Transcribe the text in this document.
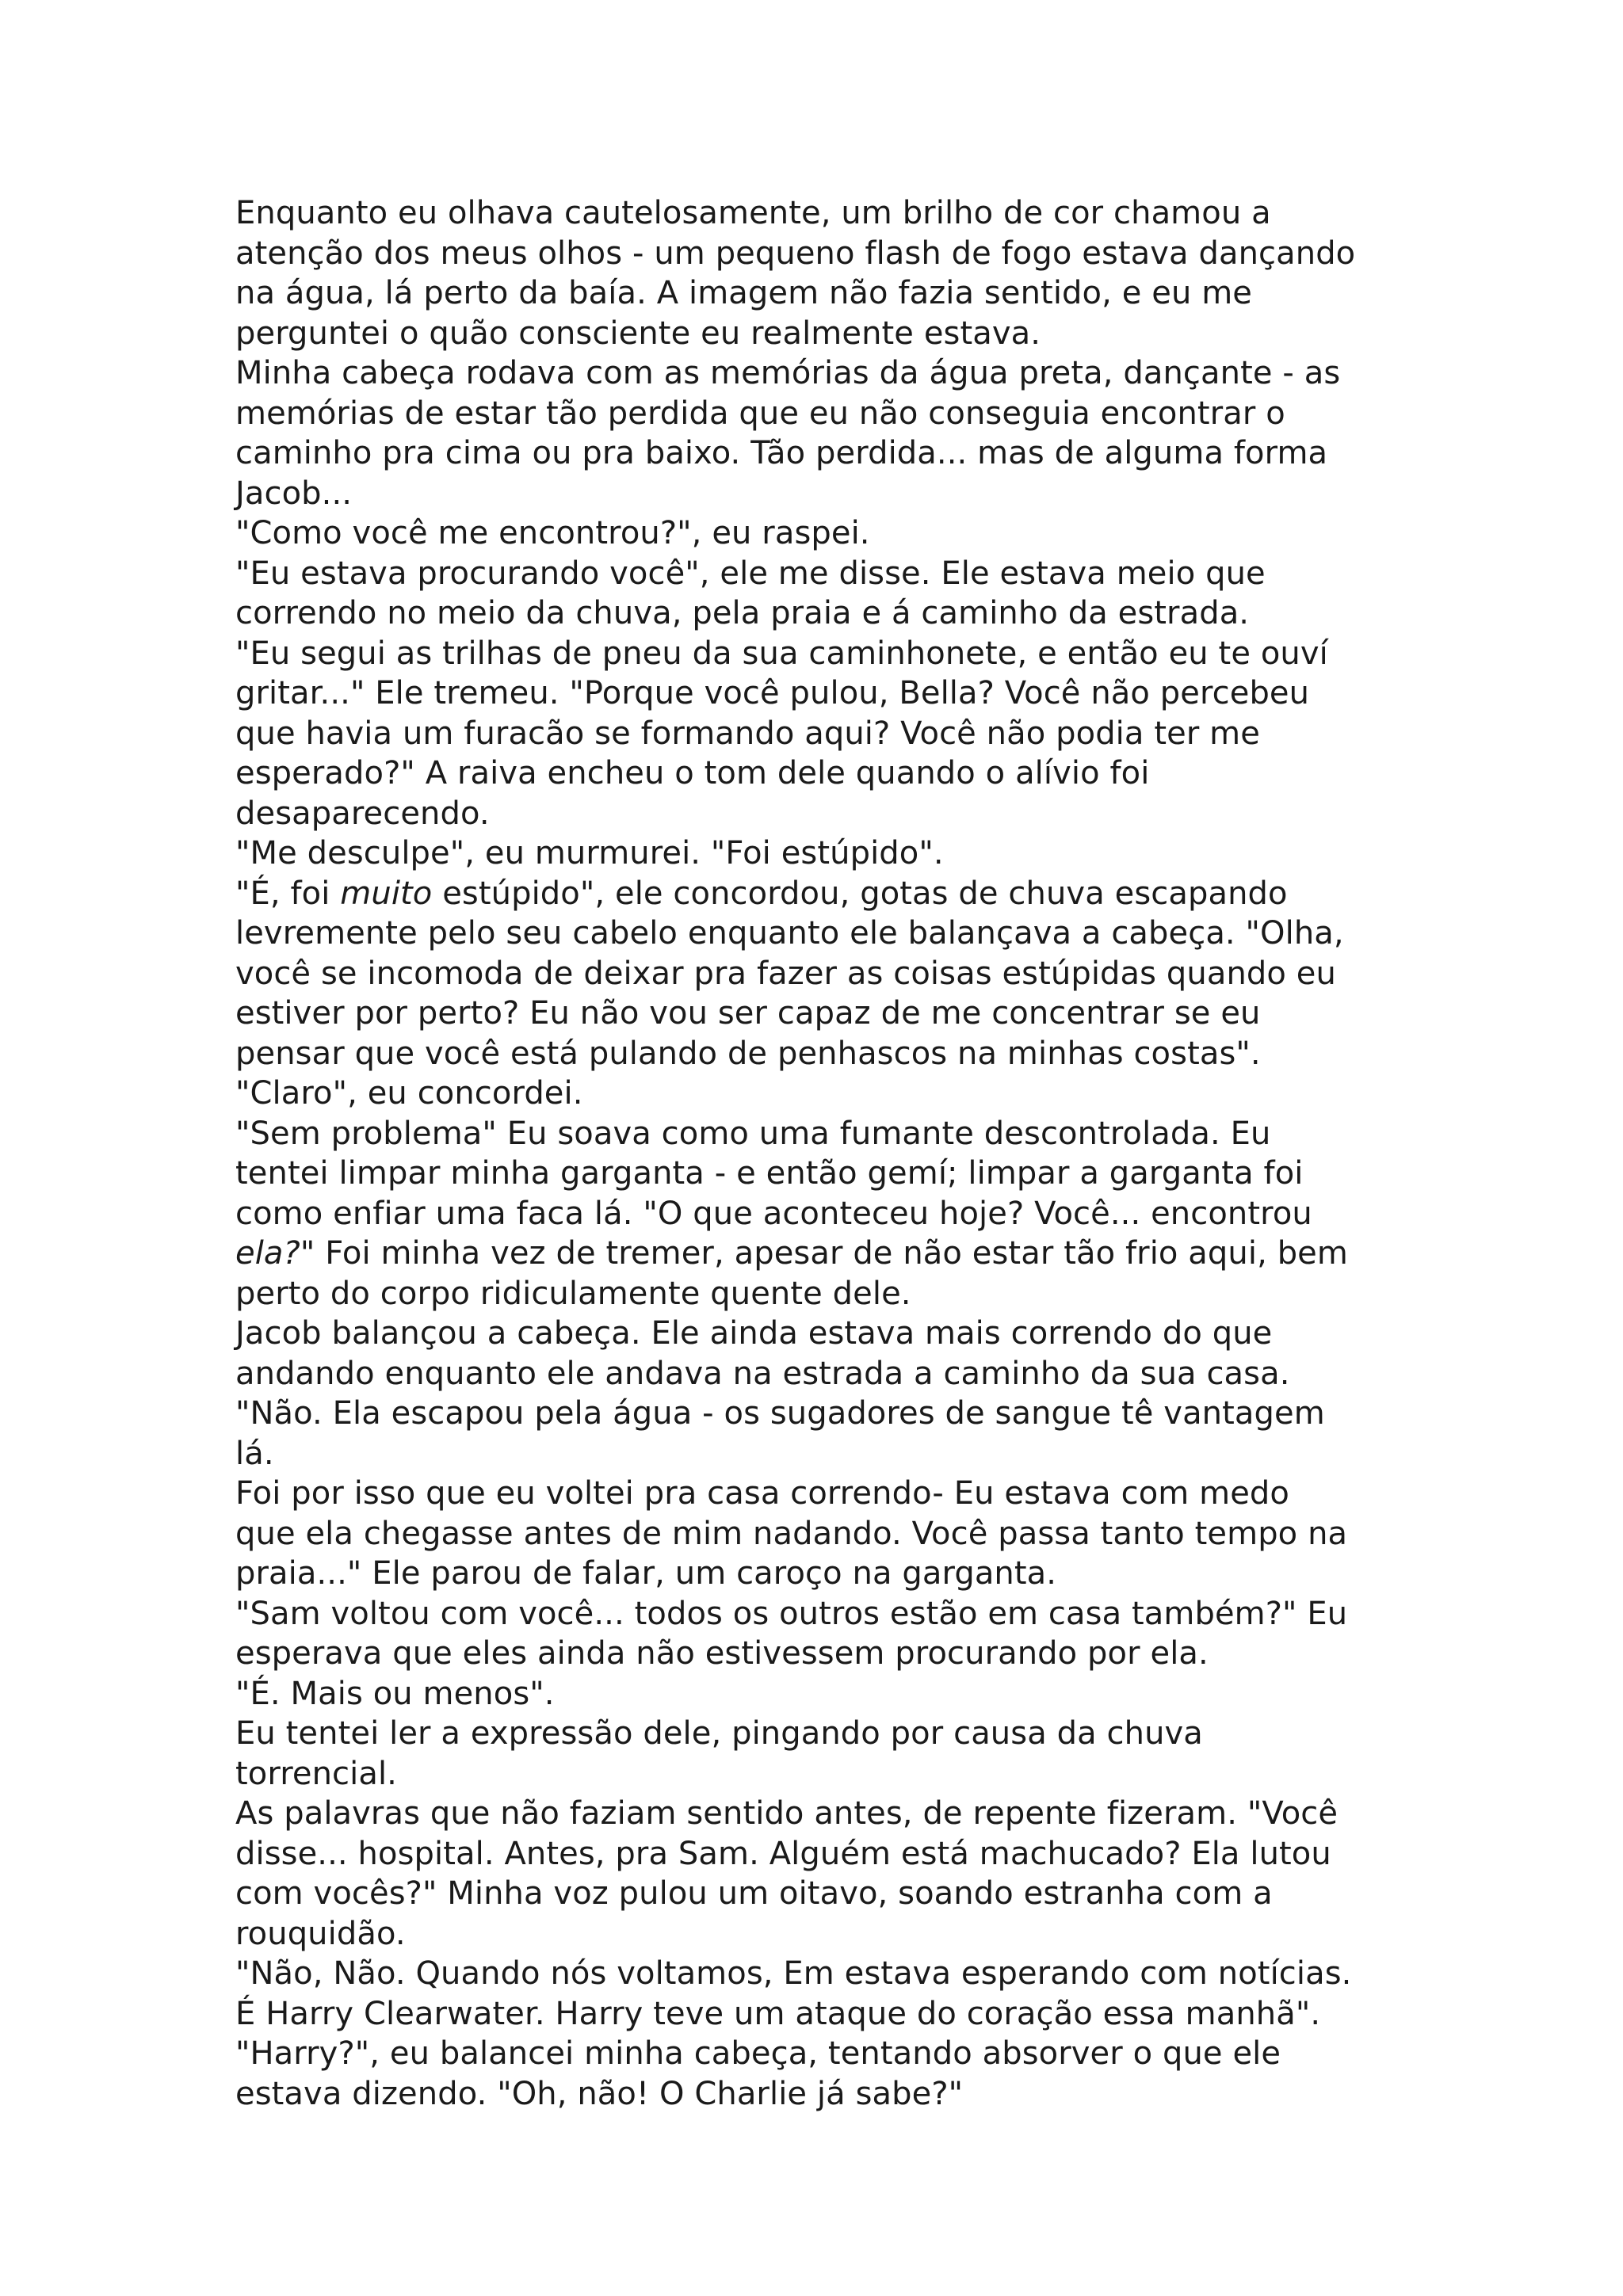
Enquanto eu olhava cautelosamente, um brilho de cor chamou a
atenção dos meus olhos - um pequeno flash de fogo estava dançando
na água, lá perto da baía. A imagem não fazia sentido, e eu me
perguntei o quão consciente eu realmente estava.
Minha cabeça rodava com as memórias da água preta, dançante - as
memórias de estar tão perdida que eu não conseguia encontrar o
caminho pra cima ou pra baixo. Tão perdida... mas de alguma forma
Jacob...
"Como você me encontrou?", eu raspei.
"Eu estava procurando você", ele me disse. Ele estava meio que
correndo no meio da chuva, pela praia e á caminho da estrada.
"Eu segui as trilhas de pneu da sua caminhonete, e então eu te ouví
gritar..." Ele tremeu. "Porque você pulou, Bella? Você não percebeu
que havia um furacão se formando aqui? Você não podia ter me
esperado?" A raiva encheu o tom dele quando o alívio foi
desaparecendo.
"Me desculpe", eu murmurei. "Foi estúpido".
"É, foi muito estúpido", ele concordou, gotas de chuva escapando
levremente pelo seu cabelo enquanto ele balançava a cabeça. "Olha,
você se incomoda de deixar pra fazer as coisas estúpidas quando eu
estiver por perto? Eu não vou ser capaz de me concentrar se eu
pensar que você está pulando de penhascos na minhas costas".
"Claro", eu concordei.
"Sem problema" Eu soava como uma fumante descontrolada. Eu
tentei limpar minha garganta - e então gemí; limpar a garganta foi
como enfiar uma faca lá. "O que aconteceu hoje? Você... encontrou
ela?" Foi minha vez de tremer, apesar de não estar tão frio aqui, bem
perto do corpo ridiculamente quente dele.
Jacob balançou a cabeça. Ele ainda estava mais correndo do que
andando enquanto ele andava na estrada a caminho da sua casa.
"Não. Ela escapou pela água - os sugadores de sangue tê vantagem
lá.
Foi por isso que eu voltei pra casa correndo- Eu estava com medo
que ela chegasse antes de mim nadando. Você passa tanto tempo na
praia..." Ele parou de falar, um caroço na garganta.
"Sam voltou com você... todos os outros estão em casa também?" Eu
esperava que eles ainda não estivessem procurando por ela.
"É. Mais ou menos".
Eu tentei ler a expressão dele, pingando por causa da chuva
torrencial.
As palavras que não faziam sentido antes, de repente fizeram. "Você
disse... hospital. Antes, pra Sam. Alguém está machucado? Ela lutou
com vocês?" Minha voz pulou um oitavo, soando estranha com a
rouquidão.
"Não, Não. Quando nós voltamos, Em estava esperando com notícias.
É Harry Clearwater. Harry teve um ataque do coração essa manhã".
"Harry?", eu balancei minha cabeça, tentando absorver o que ele
estava dizendo. "Oh, não! O Charlie já sabe?"
